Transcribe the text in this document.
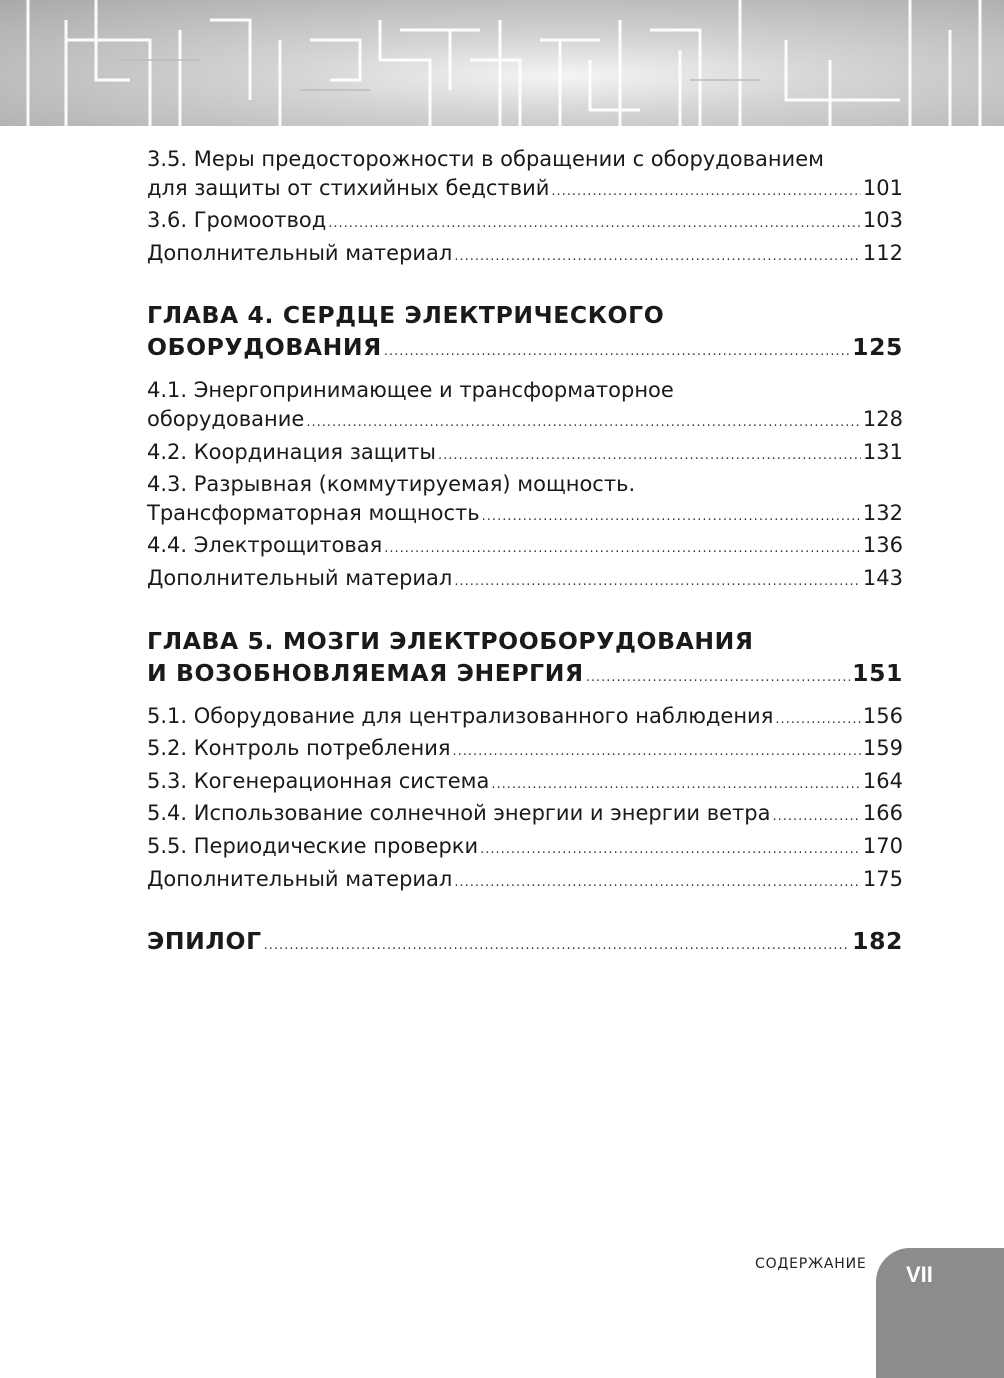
3.5. Меры предосторожности в обращении с оборудованием
для защиты от стихийных бедствий .....	101
3.6. Громоотвод .....	103
Дополнительный материал .....	112
ГЛАВА 4. СЕРДЦЕ ЭЛЕКТРИЧЕСКОГО
ОБОРУДОВАНИЯ .....	125
4.1. Энергопринимающее и трансформаторное
оборудование .....	128
4.2. Координация защиты .....	131
4.3. Разрывная (коммутируемая) мощность.
Трансформаторная мощность .....	132
4.4. Электрощитовая .....	136
Дополнительный материал .....	143
ГЛАВА 5. МОЗГИ ЭЛЕКТРООБОРУДОВАНИЯ
И ВОЗОБНОВЛЯЕМАЯ ЭНЕРГИЯ .....	151
5.1. Оборудование для централизованного наблюдения .....	156
5.2. Контроль потребления .....	159
5.3. Когенерационная система .....	164
5.4. Использование солнечной энергии и энергии ветра .....	166
5.5. Периодические проверки .....	170
Дополнительный материал .....	175
ЭПИЛОГ .....	182
СОДЕРЖАНИЕ VII
